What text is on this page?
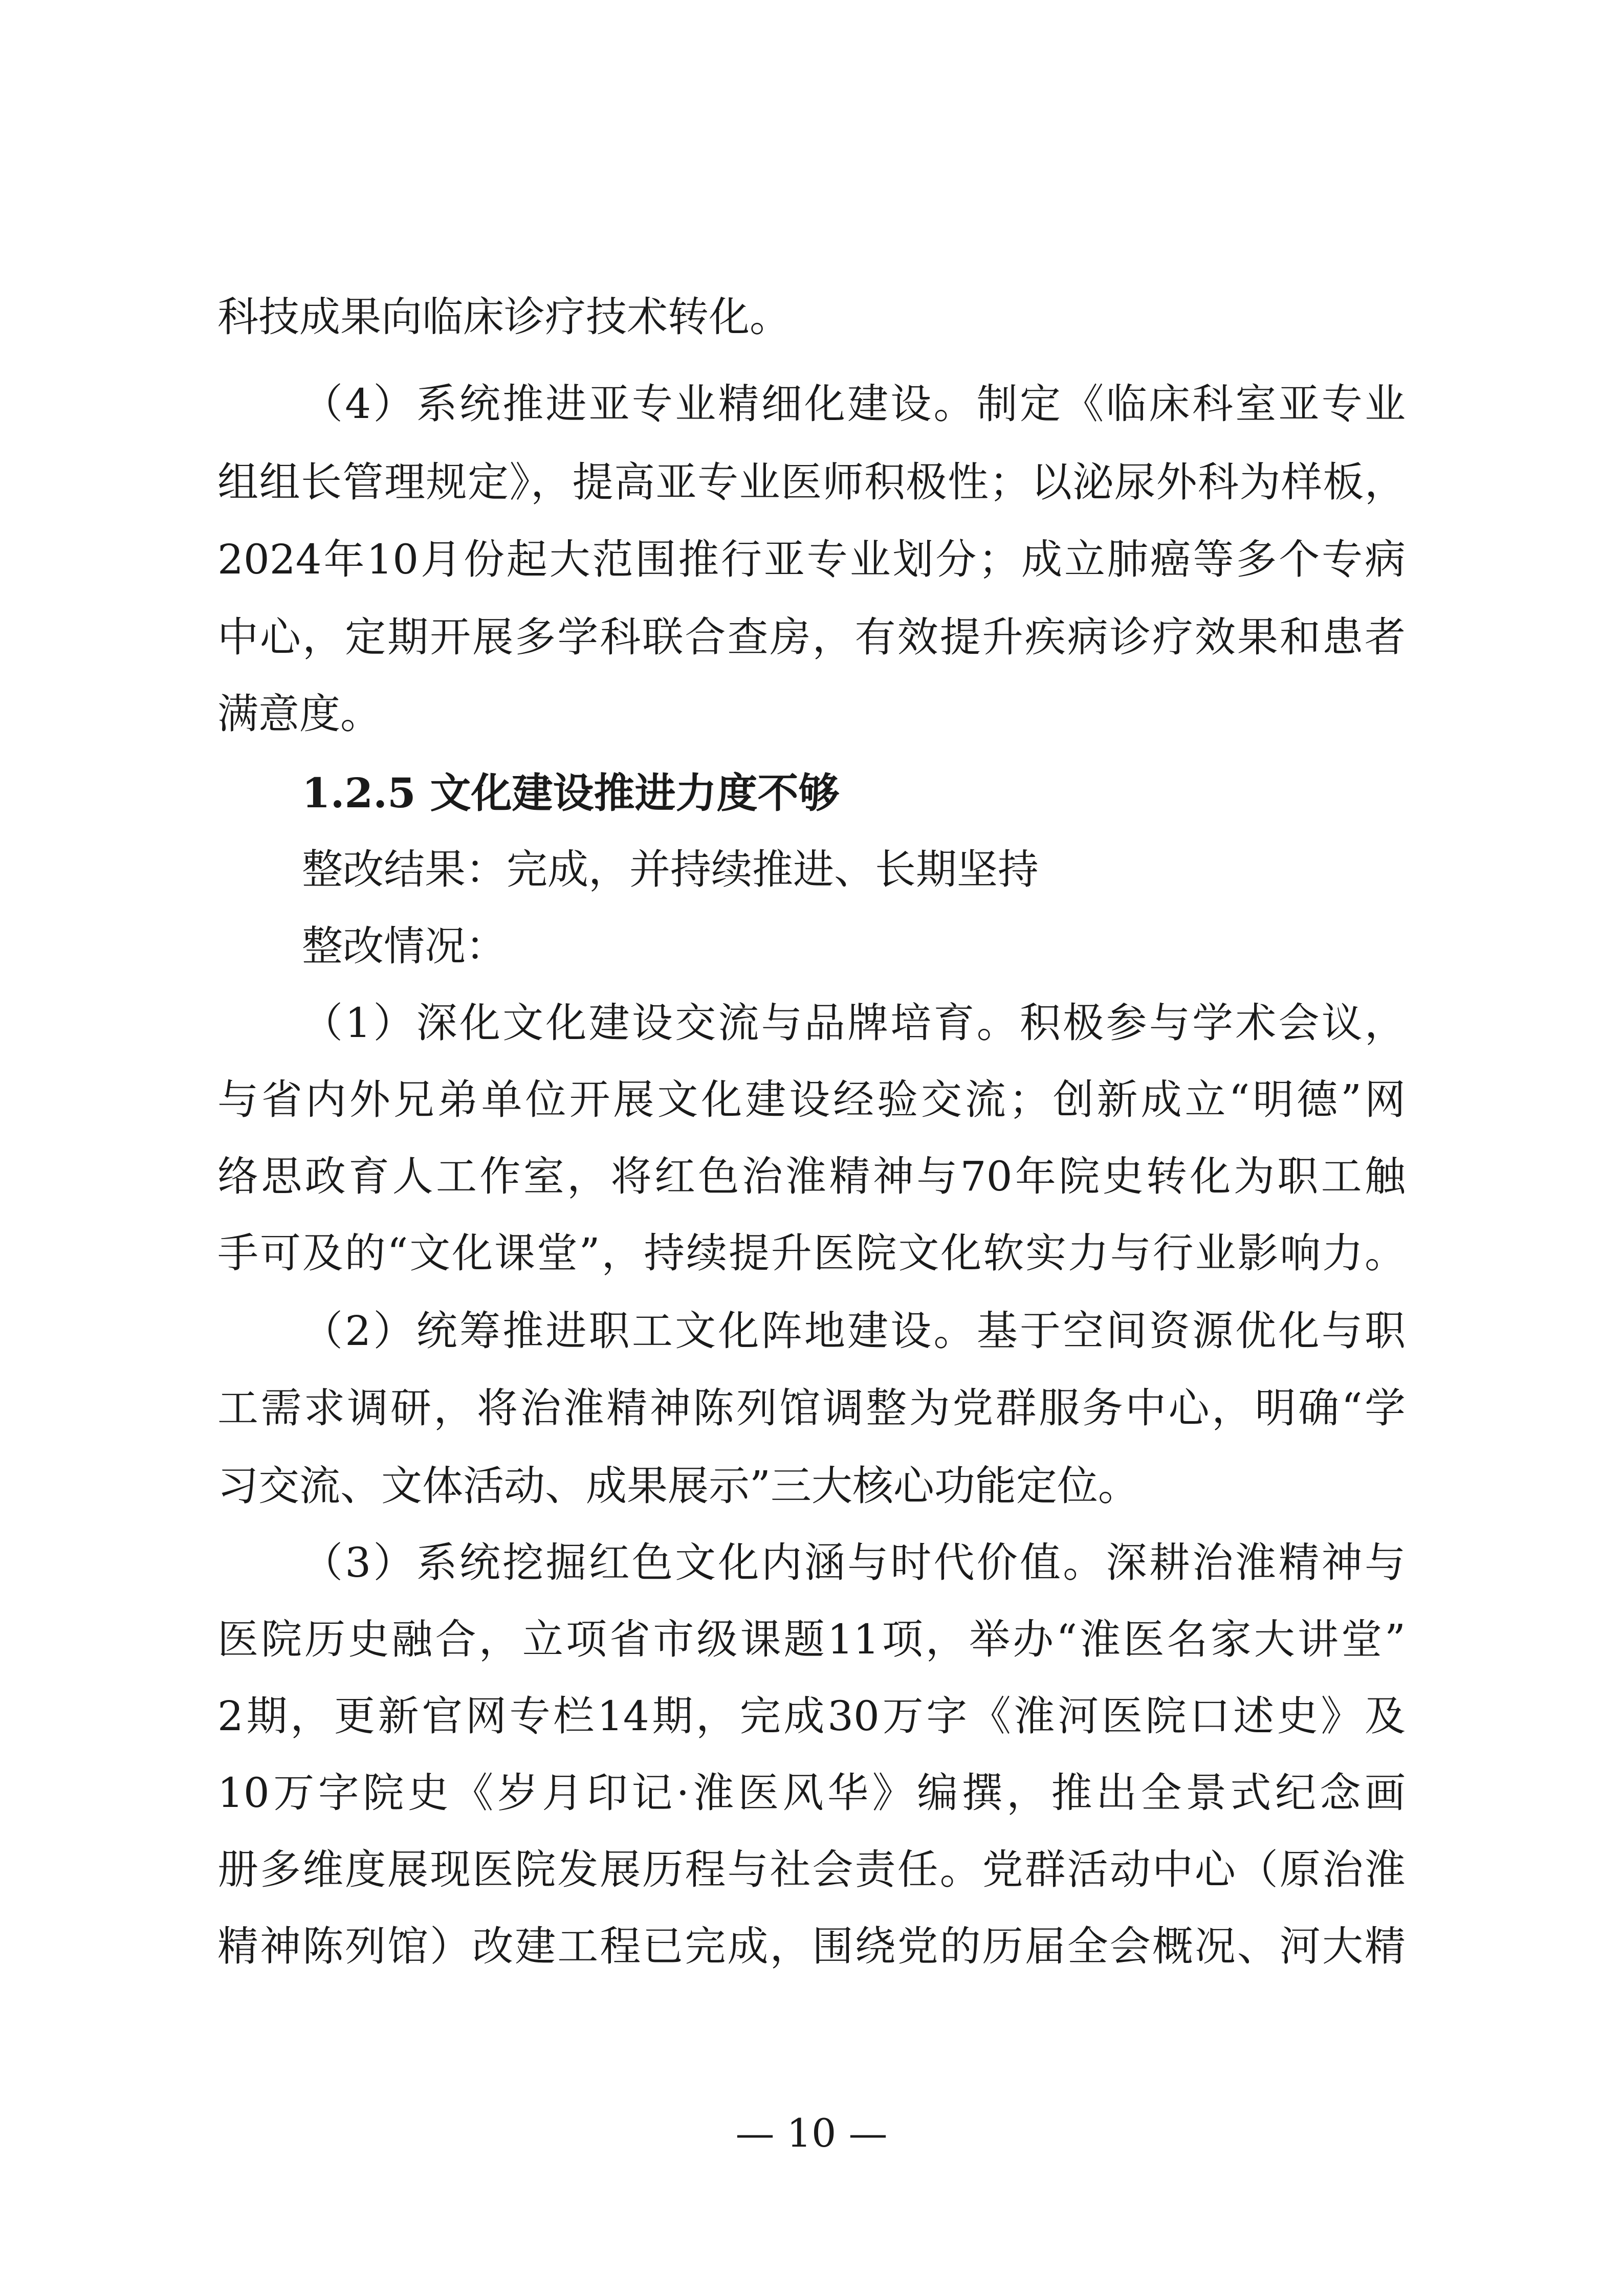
科技成果向临床诊疗技术转化。
（4）系统推进亚专业精细化建设。制定《临床科室亚专业
组组长管理规定》，提高亚专业医师积极性；以泌尿外科为样板，
2024年10月份起大范围推行亚专业划分；成立肺癌等多个专病
中心，定期开展多学科联合查房，有效提升疾病诊疗效果和患者
满意度。
1.2.5 文化建设推进力度不够
整改结果：完成，并持续推进、长期坚持
整改情况：
（1）深化文化建设交流与品牌培育。积极参与学术会议，
与省内外兄弟单位开展文化建设经验交流；创新成立“明德”网
络思政育人工作室，将红色治淮精神与70年院史转化为职工触
手可及的“文化课堂”，持续提升医院文化软实力与行业影响力。
（2）统筹推进职工文化阵地建设。基于空间资源优化与职
工需求调研，将治淮精神陈列馆调整为党群服务中心，明确“学
习交流、文体活动、成果展示”三大核心功能定位。
（3）系统挖掘红色文化内涵与时代价值。深耕治淮精神与
医院历史融合，立项省市级课题11项，举办“淮医名家大讲堂”
2期，更新官网专栏14期，完成30万字《淮河医院口述史》及
10万字院史《岁月印记·淮医风华》编撰，推出全景式纪念画
册多维度展现医院发展历程与社会责任。党群活动中心（原治淮
精神陈列馆）改建工程已完成，围绕党的历届全会概况、河大精
— 10 —
